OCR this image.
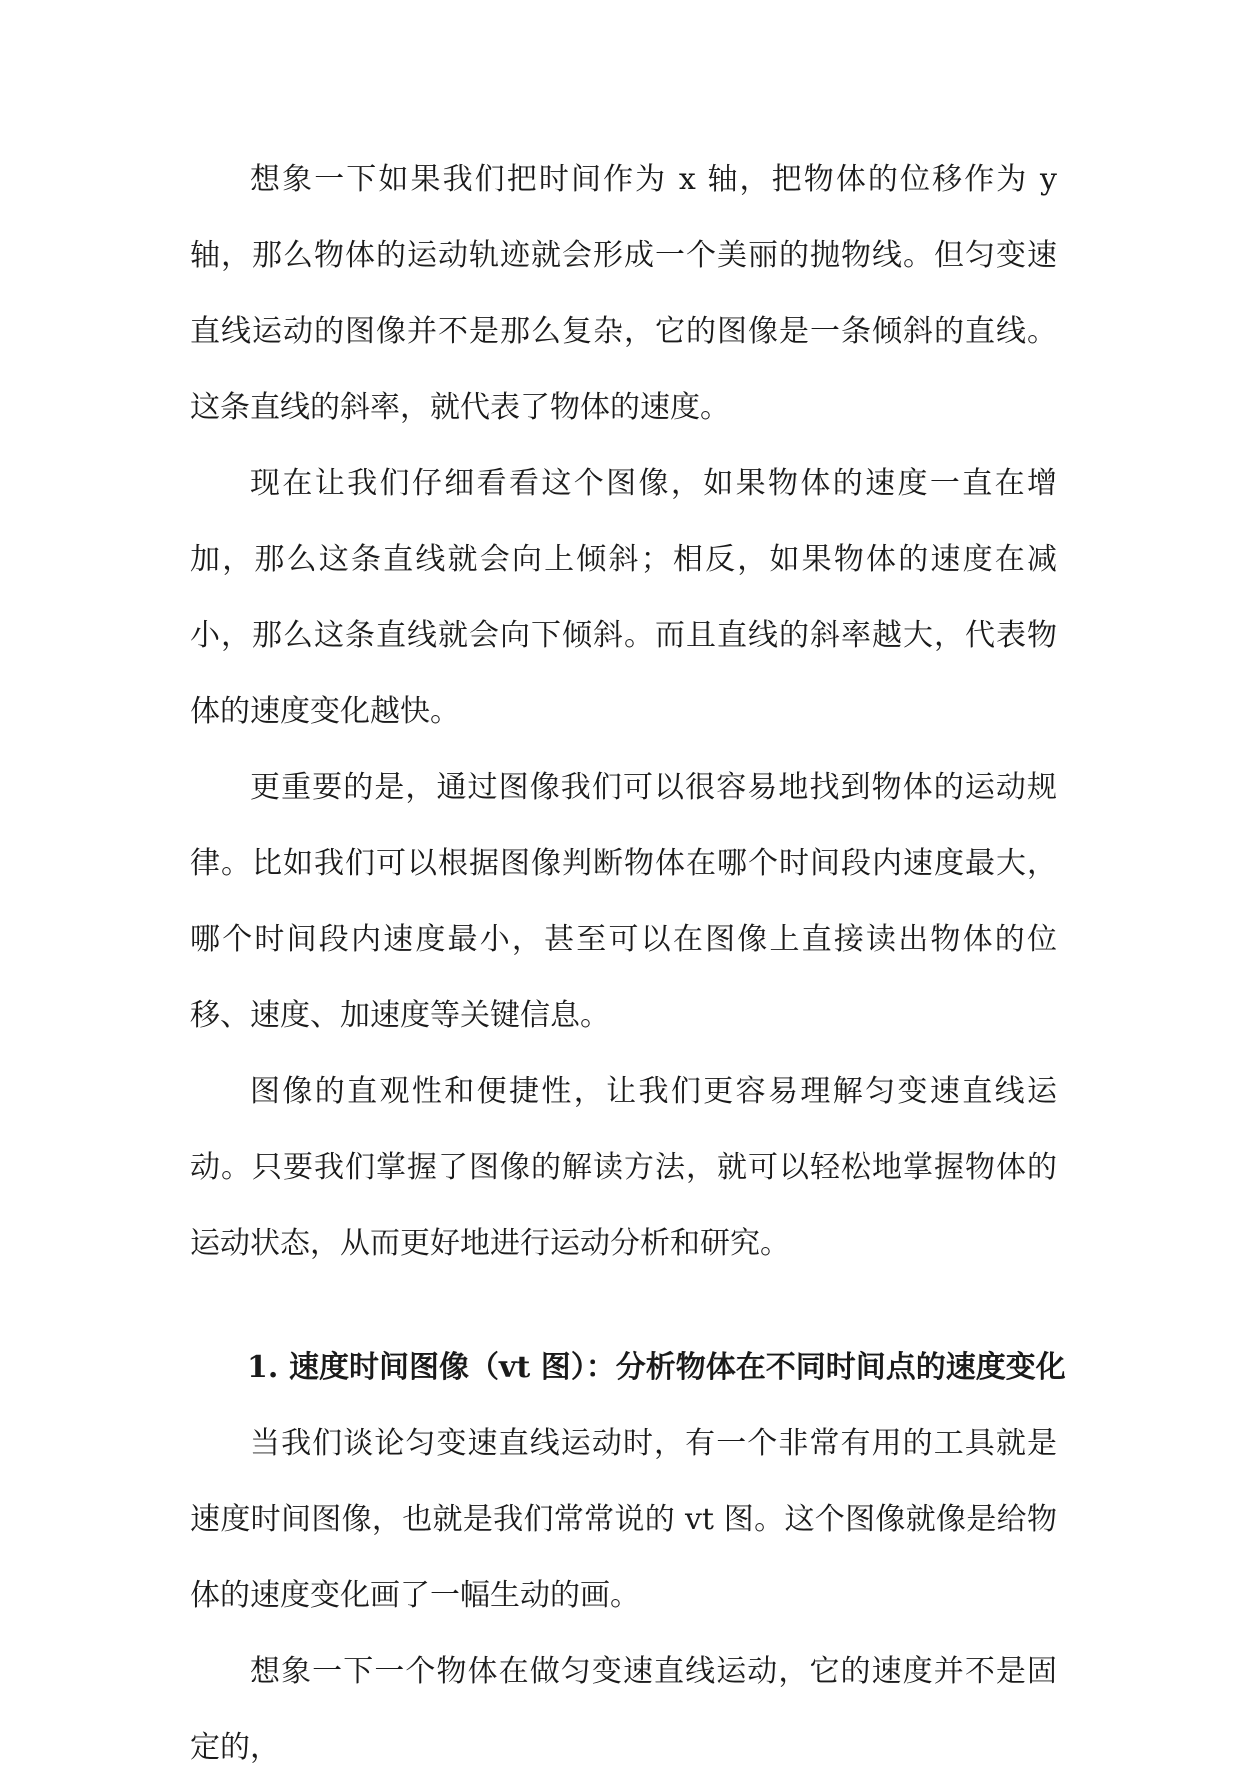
想象一下如果我们把时间作为 x 轴，把物体的位移作为 y 轴，那么物体的运动轨迹就会形成一个美丽的抛物线。但匀变速直线运动的图像并不是那么复杂，它的图像是一条倾斜的直线。这条直线的斜率，就代表了物体的速度。

现在让我们仔细看看这个图像，如果物体的速度一直在增加，那么这条直线就会向上倾斜；相反，如果物体的速度在减小，那么这条直线就会向下倾斜。而且直线的斜率越大，代表物体的速度变化越快。

更重要的是，通过图像我们可以很容易地找到物体的运动规律。比如我们可以根据图像判断物体在哪个时间段内速度最大，哪个时间段内速度最小，甚至可以在图像上直接读出物体的位移、速度、加速度等关键信息。

图像的直观性和便捷性，让我们更容易理解匀变速直线运动。只要我们掌握了图像的解读方法，就可以轻松地掌握物体的运动状态，从而更好地进行运动分析和研究。

1. 速度时间图像（vt 图）：分析物体在不同时间点的速度变化

当我们谈论匀变速直线运动时，有一个非常有用的工具就是速度时间图像，也就是我们常常说的 vt 图。这个图像就像是给物体的速度变化画了一幅生动的画。

想象一下一个物体在做匀变速直线运动，它的速度并不是固定的，
